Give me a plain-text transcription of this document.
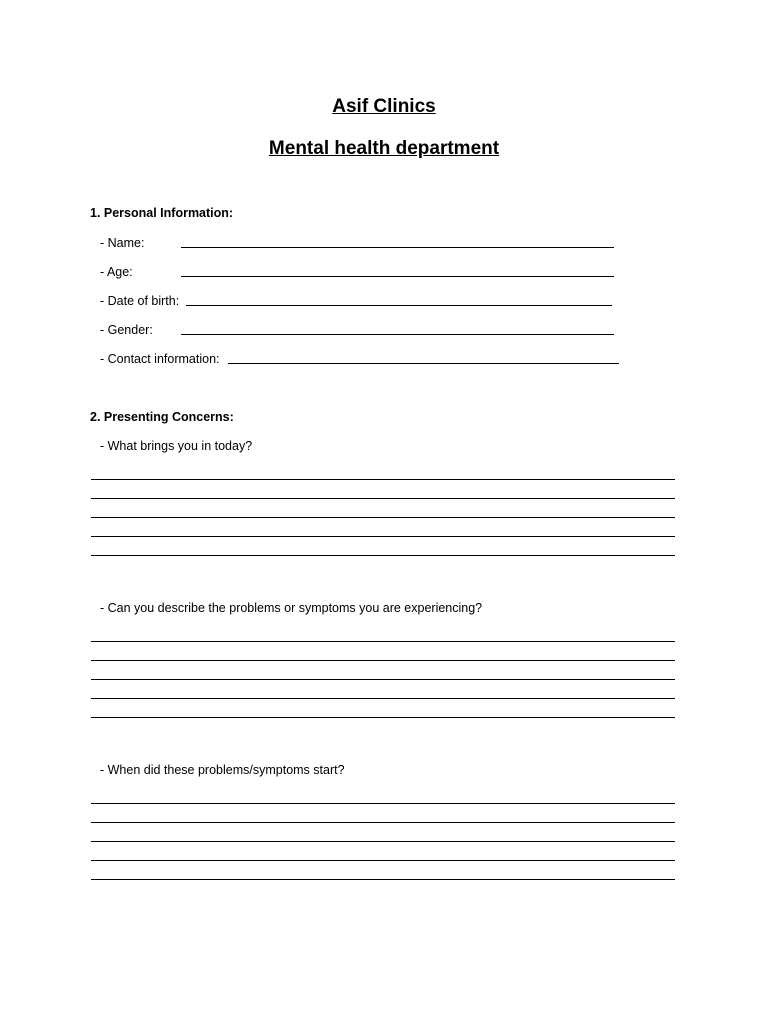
Asif Clinics
Mental health department
1. Personal Information:
- Name:
- Age:
- Date of birth:
- Gender:
- Contact information:
2. Presenting Concerns:
- What brings you in today?
- Can you describe the problems or symptoms you are experiencing?
- When did these problems/symptoms start?
